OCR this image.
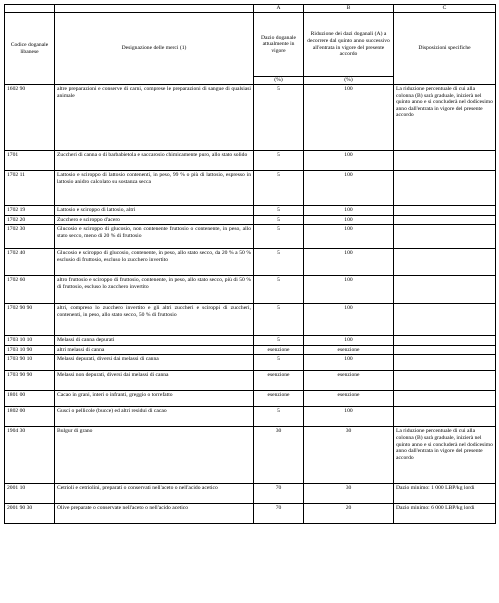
		A	B	C
Codice doganale libanese	Designazione delle merci (1)	Dazio doganale attualmente in vigore	Riduzione dei dazi doganali (A) a decorrere dal quinto anno successivo all'entrata in vigore del presente accordo	Disposizioni specifiche
		(%)	(%)	
1602 90	altre preparazioni e conserve di carni, comprese le preparazioni di sangue di qualsiasi animale	5	100	La riduzione percentuale di cui alla colonna (B) sarà graduale, inizierà nel quinto anno e si concluderà nel dodicesimo anno dall'entrata in vigore del presente accordo
1701	Zuccheri di canna o di barbabietola e saccarosio chimicamente puro, allo stato solido	5	100	
1702 11	Lattosio e sciroppo di lattosio contenenti, in peso, 99 % o più di lattosio, espresso in lattosio anidro calcolato su sostanza secca	5	100	
1702 19	Lattosio e sciroppo di lattosio, altri	5	100	
1702 20	Zucchero e sciroppo d'acero	5	100	
1702 30	Glucosio e sciroppo di glucosio, non contenente fruttosio o contenente, in peso, allo stato secco, meno di 20 % di fruttosio	5	100	
1702 40	Glucosio e sciroppo di glucosio, contenente, in peso, allo stato secco, da 20 % a 50 % esclusio di fruttosio, escluso lo zucchero invertito	5	100	
1702 60	altro fruttosio e sciroppo di fruttosio, contenente, in peso, allo stato secco, più di 50 % di fruttosio, escluso lo zucchero invertito	5	100	
1702 90 90	altri, compreso lo zucchero invertito e gli altri zuccheri e sciroppi di zuccheri, contenenti, in peso, allo stato secco, 50 % di fruttosio	5	100	
1703 10 10	Melassi di canna depurati	5	100	
1703 10 90	altri melassi di canna	esenzione	esenzione	
1703 90 10	Melassi depurati, diversi dai melassi di canna	5	100	
1703 90 90	Melassi non depurati, diversi dai melassi di canna	esenzione	esenzione	
1801 00	Cacao in grani, interi o infranti, greggio o torrefatto	esenzione	esenzione	
1802 00	Gusci o pellicole (bucce) ed altri residui di cacao	5	100	
1904 30	Bulgur di grano	30	30	La riduzione percentuale di cui alla colonna (B) sarà graduale, inizierà nel quinto anno e si concluderà nel dodicesimo anno dall'entrata in vigore del presente accordo
2001 10	Cetrioli e cetriolini, preparati o conservati nell'aceto o nell'acido acetico	70	30	Dazio minimo: 1 000 LBP/kg lordi
2001 90 30	Olive preparate o conservate nell'aceto o nell'acido acetico	70	20	Dazio minimo: 6 000 LBP/kg lordi
